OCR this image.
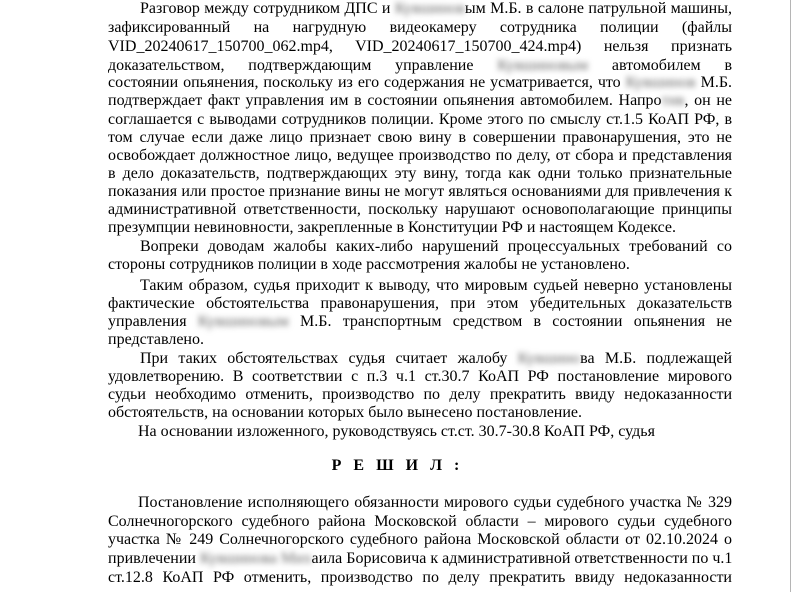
Разговор между сотрудником ДПС и Кувшиновым М.Б. в салоне патрульной машины,
зафиксированный на нагрудную видеокамеру сотрудника полиции (файлы
VID_20240617_150700_062.mp4, VID_20240617_150700_424.mp4) нельзя признать
доказательством, подтверждающим управление Кувшиновым автомобилем в
состоянии опьянения, поскольку из его содержания не усматривается, что Кувшинов М.Б.
подтверждает факт управления им в состоянии опьянения автомобилем. Напротив, он не
соглашается с выводами сотрудников полиции. Кроме этого по смыслу ст.1.5 КоАП РФ, в
том случае если даже лицо признает свою вину в совершении правонарушения, это не
освобождает должностное лицо, ведущее производство по делу, от сбора и представления
в дело доказательств, подтверждающих эту вину, тогда как одни только признательные
показания или простое признание вины не могут являться основаниями для привлечения к
административной ответственности, поскольку нарушают основополагающие принципы
презумпции невиновности, закрепленные в Конституции РФ и настоящем Кодексе.
Вопреки доводам жалобы каких-либо нарушений процессуальных требований со
стороны сотрудников полиции в ходе рассмотрения жалобы не установлено.
Таким образом, судья приходит к выводу, что мировым судьей неверно установлены
фактические обстоятельства правонарушения, при этом убедительных доказательств
управления Кувшиновым М.Б. транспортным средством в состоянии опьянения не
представлено.
При таких обстоятельствах судья считает жалобу Кувшинова М.Б. подлежащей
удовлетворению. В соответствии с п.3 ч.1 ст.30.7 КоАП РФ постановление мирового
судьи необходимо отменить, производство по делу прекратить ввиду недоказанности
обстоятельств, на основании которых было вынесено постановление.
На основании изложенного, руководствуясь ст.ст. 30.7-30.8 КоАП РФ, судья
Р Е Ш И Л :
Постановление исполняющего обязанности мирового судьи судебного участка № 329
Солнечногорского судебного района Московской области – мирового судьи судебного
участка № 249 Солнечногорского судебного района Московской области от 02.10.2024 о
привлечении Кувшинова Михаила Борисовича к административной ответственности по ч.1
ст.12.8 КоАП РФ отменить, производство по делу прекратить ввиду недоказанности
